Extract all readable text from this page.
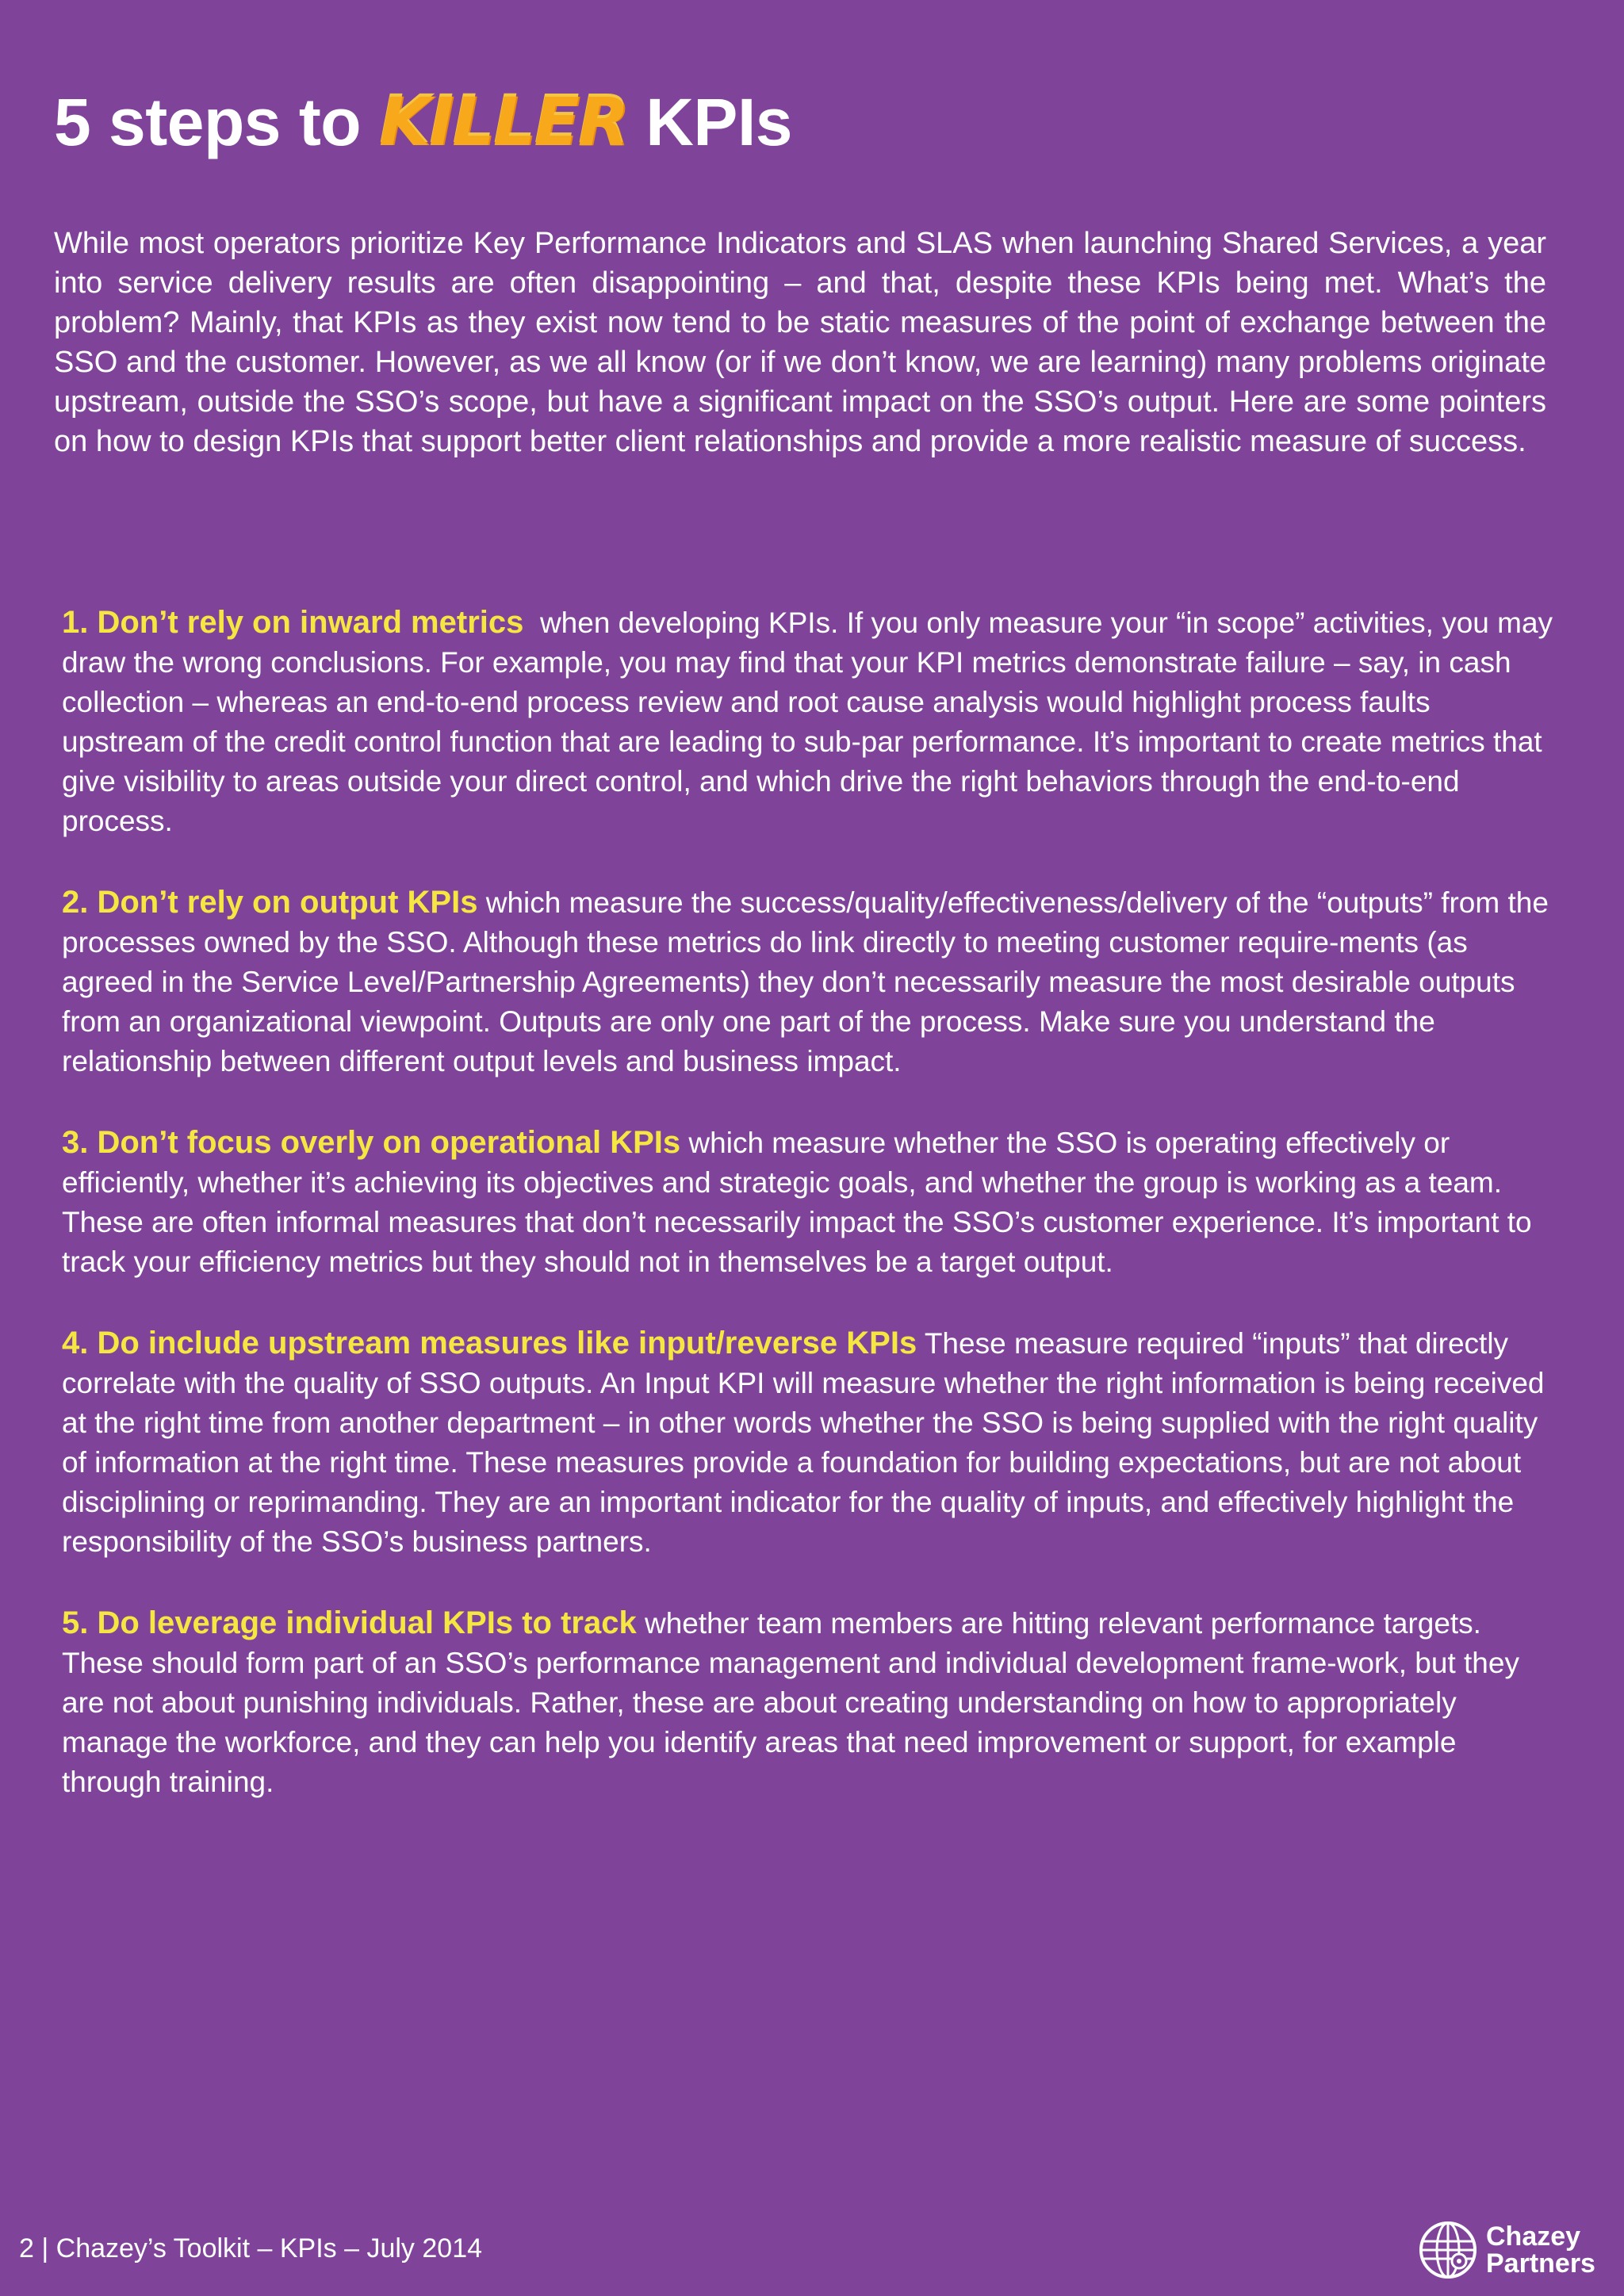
5 steps to KILLER KPIs

While most operators prioritize Key Performance Indicators and SLAS when launching Shared Services, a year into service delivery results are often disappointing – and that, despite these KPIs being met. What’s the problem? Mainly, that KPIs as they exist now tend to be static measures of the point of exchange between the SSO and the customer. However, as we all know (or if we don’t know, we are learning) many problems originate upstream, outside the SSO’s scope, but have a significant impact on the SSO’s output. Here are some pointers on how to design KPIs that support better client relationships and provide a more realistic measure of success.

1. Don’t rely on inward metrics when developing KPIs. If you only measure your “in scope” activities, you may draw the wrong conclusions. For example, you may find that your KPI metrics demonstrate failure – say, in cash collection – whereas an end-to-end process review and root cause analysis would highlight process faults upstream of the credit control function that are leading to sub-par performance. It’s important to create metrics that give visibility to areas outside your direct control, and which drive the right behaviors through the end-to-end process.

2. Don’t rely on output KPIs which measure the success/quality/effectiveness/delivery of the “outputs” from the processes owned by the SSO. Although these metrics do link directly to meeting customer require-ments (as agreed in the Service Level/Partnership Agreements) they don’t necessarily measure the most desirable outputs from an organizational viewpoint. Outputs are only one part of the process. Make sure you understand the relationship between different output levels and business impact.

3. Don’t focus overly on operational KPIs which measure whether the SSO is operating effectively or efficiently, whether it’s achieving its objectives and strategic goals, and whether the group is working as a team. These are often informal measures that don’t necessarily impact the SSO’s customer experience. It’s important to track your efficiency metrics but they should not in themselves be a target output.

4. Do include upstream measures like input/reverse KPIs These measure required “inputs” that directly correlate with the quality of SSO outputs. An Input KPI will measure whether the right information is being received at the right time from another department – in other words whether the SSO is being supplied with the right quality of information at the right time. These measures provide a foundation for building expectations, but are not about disciplining or reprimanding. They are an important indicator for the quality of inputs, and effectively highlight the responsibility of the SSO’s business partners.

5. Do leverage individual KPIs to track whether team members are hitting relevant performance targets. These should form part of an SSO’s performance management and individual development frame-work, but they are not about punishing individuals. Rather, these are about creating understanding on how to appropriately manage the workforce, and they can help you identify areas that need improvement or support, for example through training.

2 | Chazey’s Toolkit – KPIs – July 2014	Chazey
Partners
